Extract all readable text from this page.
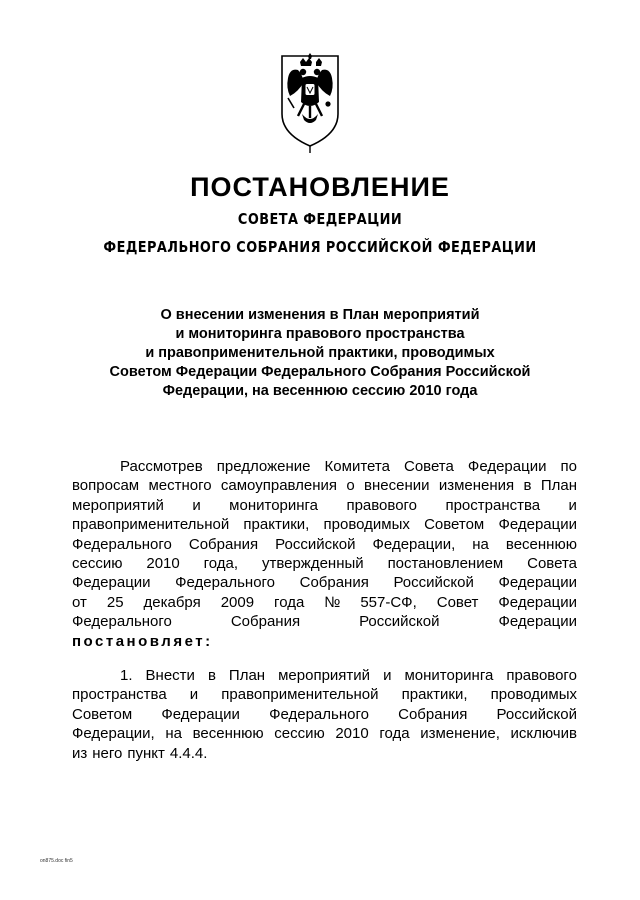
ПОСТАНОВЛЕНИЕ
СОВЕТА ФЕДЕРАЦИИ
ФЕДЕРАЛЬНОГО СОБРАНИЯ РОССИЙСКОЙ ФЕДЕРАЦИИ
О внесении изменения в План мероприятий
и мониторинга правового пространства
и правоприменительной практики, проводимых
Советом Федерации Федерального Собрания Российской
Федерации, на весеннюю сессию 2010 года
Рассмотрев предложение Комитета Совета Федерации по
вопросам местного самоуправления о внесении изменения в План
мероприятий и мониторинга правового пространства и
правоприменительной практики, проводимых Советом Федерации
Федерального Собрания Российской Федерации, на весеннюю
сессию 2010 года, утвержденный постановлением Совета
Федерации Федерального Собрания Российской Федерации
от 25 декабря 2009 года № 557-СФ, Совет Федерации
Федерального	Собрания	Российской	Федерации
постановляет:
1. Внести в План мероприятий и мониторинга правового
пространства и правоприменительной практики, проводимых
Советом Федерации Федерального Собрания Российской
Федерации, на весеннюю сессию 2010 года изменение, исключив
из него пункт 4.4.4.
on875.doc fin5
